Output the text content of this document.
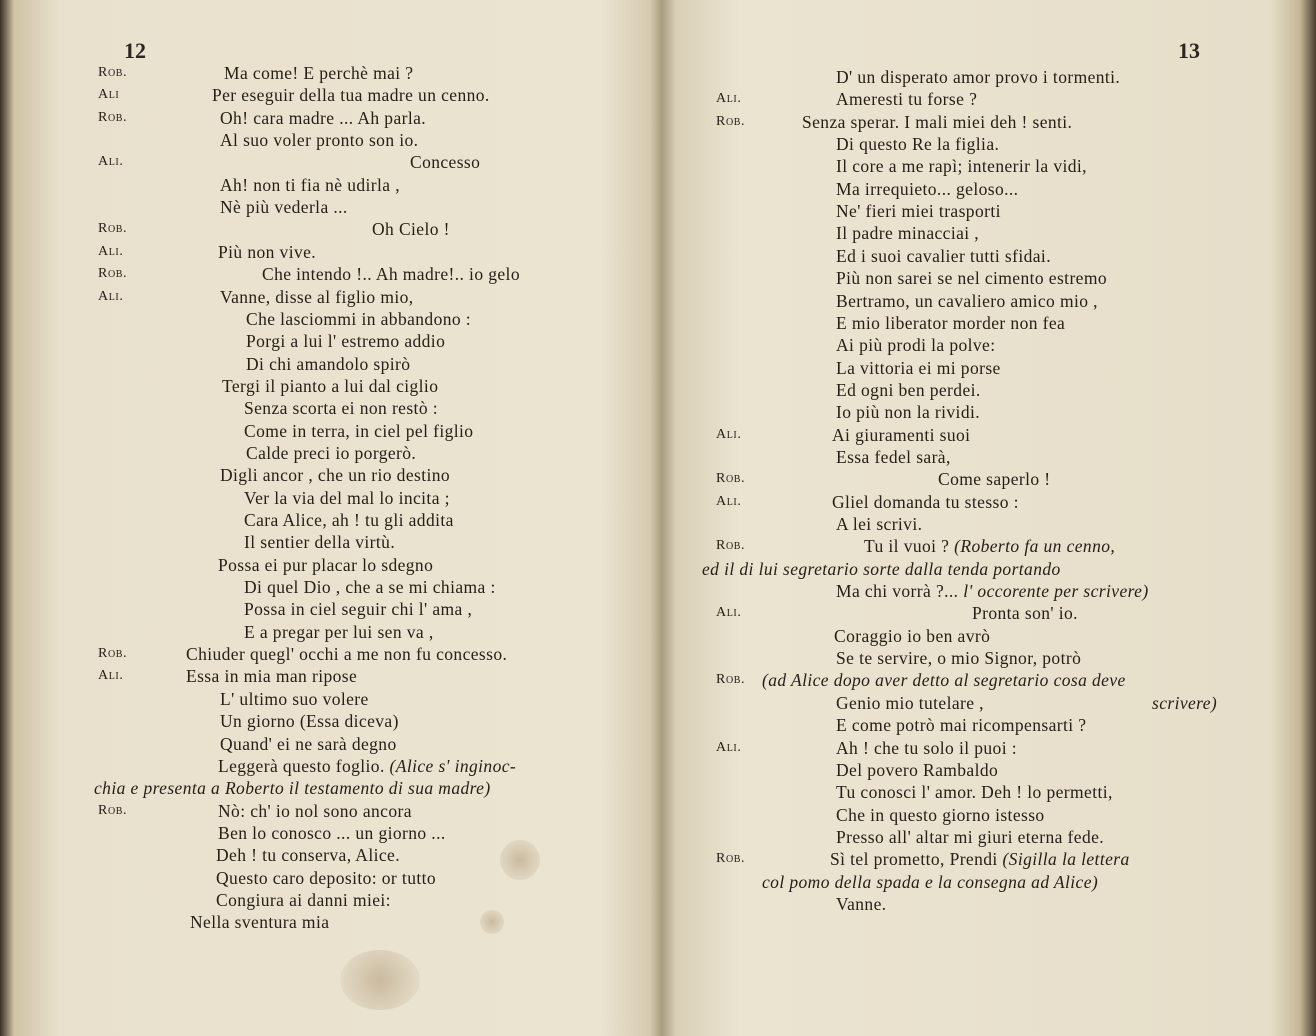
12
Rob.	Ma come! E perchè mai ?
Ali	Per eseguir della tua madre un cenno.
Rob.	Oh! cara madre ... Ah parla.
Al suo voler pronto son io.
Ali.	Concesso
Ah! non ti fia nè udirla ,
Nè più vederla ...
Rob.	Oh Cielo !
Ali.	Più non vive.
Rob.	Che intendo !.. Ah madre!.. io gelo
Ali.	Vanne, disse al figlio mio,
Che lasciommi in abbandono :
Porgi a lui l' estremo addio
Di chi amandolo spirò
Tergi il pianto a lui dal ciglio
Senza scorta ei non restò :
Come in terra, in ciel pel figlio
Calde preci io porgerò.
Digli ancor , che un rio destino
Ver la via del mal lo incita ;
Cara Alice, ah ! tu gli addita
Il sentier della virtù.
Possa ei pur placar lo sdegno
Di quel Dio , che a se mi chiama :
Possa in ciel seguir chi l' ama ,
E a pregar per lui sen va ,
Rob.	Chiuder quegl' occhi a me non fu concesso.
Ali.	Essa in mia man ripose
L' ultimo suo volere
Un giorno (Essa diceva)
Quand' ei ne sarà degno
Leggerà questo foglio. (Alice s' inginoc-
chia e presenta a Roberto il testamento di sua madre)
Rob.	Nò: ch' io nol sono ancora
Ben lo conosco ... un giorno ...
Deh ! tu conserva, Alice.
Questo caro deposito: or tutto
Congiura ai danni miei:
Nella sventura mia
13
D' un disperato amor provo i tormenti.
Ali.	Ameresti tu forse ?
Rob.	Senza sperar. I mali miei deh ! senti.
Di questo Re la figlia.
Il core a me rapì; intenerir la vidi,
Ma irrequieto... geloso...
Ne' fieri miei trasporti
Il padre minacciai ,
Ed i suoi cavalier tutti sfidai.
Più non sarei se nel cimento estremo
Bertramo, un cavaliero amico mio ,
E mio liberator morder non fea
Ai più prodi la polve:
La vittoria ei mi porse
Ed ogni ben perdei.
Io più non la rividi.
Ali.	Ai giuramenti suoi
Essa fedel sarà,
Rob.	Come saperlo !
Ali.	Gliel domanda tu stesso :
A lei scrivi.
Rob.	Tu il vuoi ? (Roberto fa un cenno,
ed il di lui segretario sorte dalla tenda portando
Ma chi vorrà ?... l' occorente per scrivere)
Ali.	Pronta son' io.
Coraggio io ben avrò
Se te servire, o mio Signor, potrò
Rob. (ad Alice dopo aver detto al segretario cosa deve
Genio mio tutelare ,	scrivere)
E come potrò mai ricompensarti ?
Ali.	Ah ! che tu solo il puoi :
Del povero Rambaldo
Tu conosci l' amor. Deh ! lo permetti,
Che in questo giorno istesso
Presso all' altar mi giuri eterna fede.
Rob.	Sì tel prometto, Prendi (Sigilla la lettera
col pomo della spada e la consegna ad Alice)
Vanne.
